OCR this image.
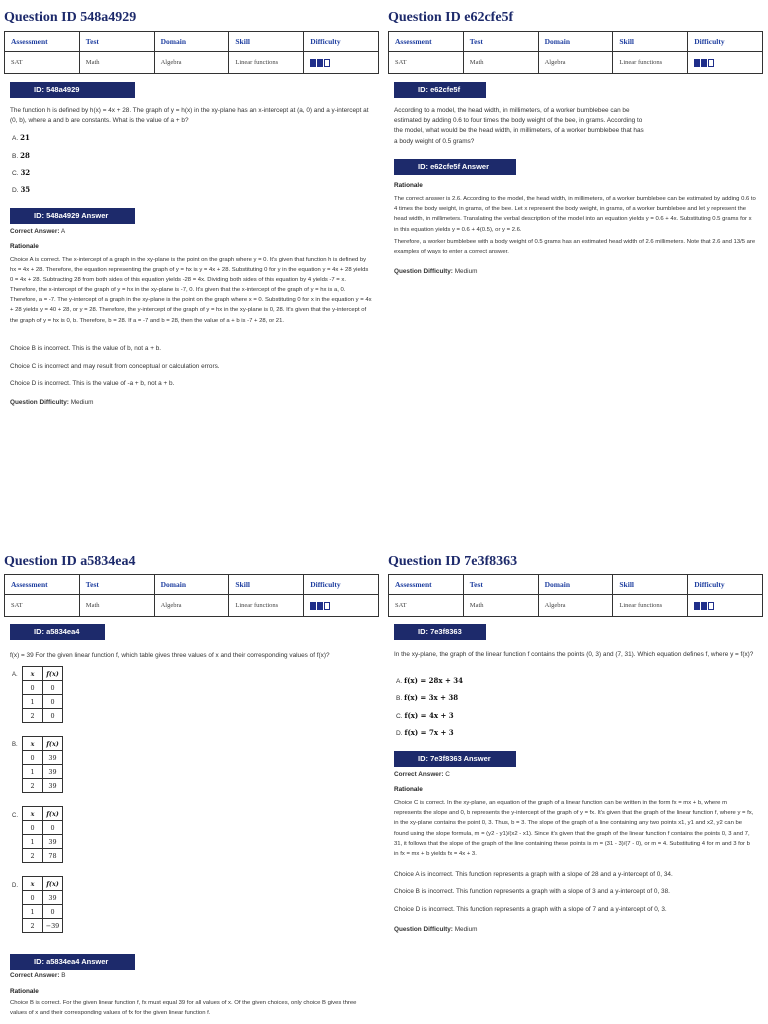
Question ID 548a4929
Assessment	Test	Domain	Skill	Difficulty
SAT	Math	Algebra	Linear functions	
ID: 548a4929

The function h is defined by h(x) = 4x + 28. The graph of y = h(x) in the xy-plane has an x-intercept at (a, 0) and a y-intercept at (0, b), where a and b are constants. What is the value of a + b?

A. 21
B. 28
C. 32
D. 35
ID: 548a4929 Answer
Correct Answer: A
Rationale

Choice A is correct. The x-intercept of a graph in the xy-plane is the point on the graph where y = 0. It's given that function h is defined by hx = 4x + 28. Therefore, the equation representing the graph of y = hx is y = 4x + 28. Substituting 0 for y in the equation y = 4x + 28 yields 0 = 4x + 28. Subtracting 28 from both sides of this equation yields -28 = 4x. Dividing both sides of this equation by 4 yields -7 = x. Therefore, the x-intercept of the graph of y = hx in the xy-plane is -7, 0. It's given that the x-intercept of the graph of y = hx is a, 0. Therefore, a = -7. The y-intercept of a graph in the xy-plane is the point on the graph where x = 0. Substituting 0 for x in the equation y = 4x + 28 yields y = 40 + 28, or y = 28. Therefore, the y-intercept of the graph of y = hx in the xy-plane is 0, 28. It's given that the y-intercept of the graph of y = hx is 0, b. Therefore, b = 28. If a = -7 and b = 28, then the value of a + b is -7 + 28, or 21.

Choice B is incorrect. This is the value of b, not a + b.
Choice C is incorrect and may result from conceptual or calculation errors.
Choice D is incorrect. This is the value of -a + b, not a + b.
Question Difficulty: Medium
Question ID e62cfe5f
Assessment	Test	Domain	Skill	Difficulty
SAT	Math	Algebra	Linear functions	
ID: e62cfe5f

According to a model, the head width, in millimeters, of a worker bumblebee can be estimated by adding 0.6 to four times the body weight of the bee, in grams. According to the model, what would be the head width, in millimeters, of a worker bumblebee that has a body weight of 0.5 grams?

ID: e62cfe5f Answer
Rationale

The correct answer is 2.6. According to the model, the head width, in millimeters, of a worker bumblebee can be estimated by adding 0.6 to 4 times the body weight, in grams, of the bee. Let x represent the body weight, in grams, of a worker bumblebee and let y represent the head width, in millimeters. Translating the verbal description of the model into an equation yields y = 0.6 + 4x. Substituting 0.5 grams for x in this equation yields y = 0.6 + 4(0.5), or y = 2.6.

Therefore, a worker bumblebee with a body weight of 0.5 grams has an estimated head width of 2.6 millimeters. Note that 2.6 and 13/5 are examples of ways to enter a correct answer.

Question Difficulty: Medium
Question ID a5834ea4
Assessment	Test	Domain	Skill	Difficulty
SAT	Math	Algebra	Linear functions	
ID: a5834ea4

f(x) = 39 For the given linear function f, which table gives three values of x and their corresponding values of f(x)?

A. x	f(x)
0	0
1	0
2	0
B. x	f(x)
0	39
1	39
2	39
C. x	f(x)
0	0
1	39
2	78
D. x	f(x)
0	39
1	0
2	−39
ID: a5834ea4 Answer
Correct Answer: B
Rationale

Choice B is correct. For the given linear function f, fx must equal 39 for all values of x. Of the given choices, only choice B gives three values of x and their corresponding values of fx for the given linear function f.

Question ID 7e3f8363
Assessment	Test	Domain	Skill	Difficulty
SAT	Math	Algebra	Linear functions	
ID: 7e3f8363

In the xy-plane, the graph of the linear function f contains the points (0, 3) and (7, 31). Which equation defines f, where y = f(x)?

A. f(x) = 28x + 34
B. f(x) = 3x + 38
C. f(x) = 4x + 3
D. f(x) = 7x + 3
ID: 7e3f8363 Answer
Correct Answer: C
Rationale

Choice C is correct. In the xy-plane, an equation of the graph of a linear function can be written in the form fx = mx + b, where m represents the slope and 0, b represents the y-intercept of the graph of y = fx. It's given that the graph of the linear function f, where y = fx, in the xy-plane contains the point 0, 3. Thus, b = 3. The slope of the graph of a line containing any two points x1, y1 and x2, y2 can be found using the slope formula, m = (y2 - y1)/(x2 - x1). Since it's given that the graph of the linear function f contains the points 0, 3 and 7, 31, it follows that the slope of the graph of the line containing these points is m = (31 - 3)/(7 - 0), or m = 4. Substituting 4 for m and 3 for b in fx = mx + b yields fx = 4x + 3.

Choice A is incorrect. This function represents a graph with a slope of 28 and a y-intercept of 0, 34.
Choice B is incorrect. This function represents a graph with a slope of 3 and a y-intercept of 0, 38.
Choice D is incorrect. This function represents a graph with a slope of 7 and a y-intercept of 0, 3.
Question Difficulty: Medium
